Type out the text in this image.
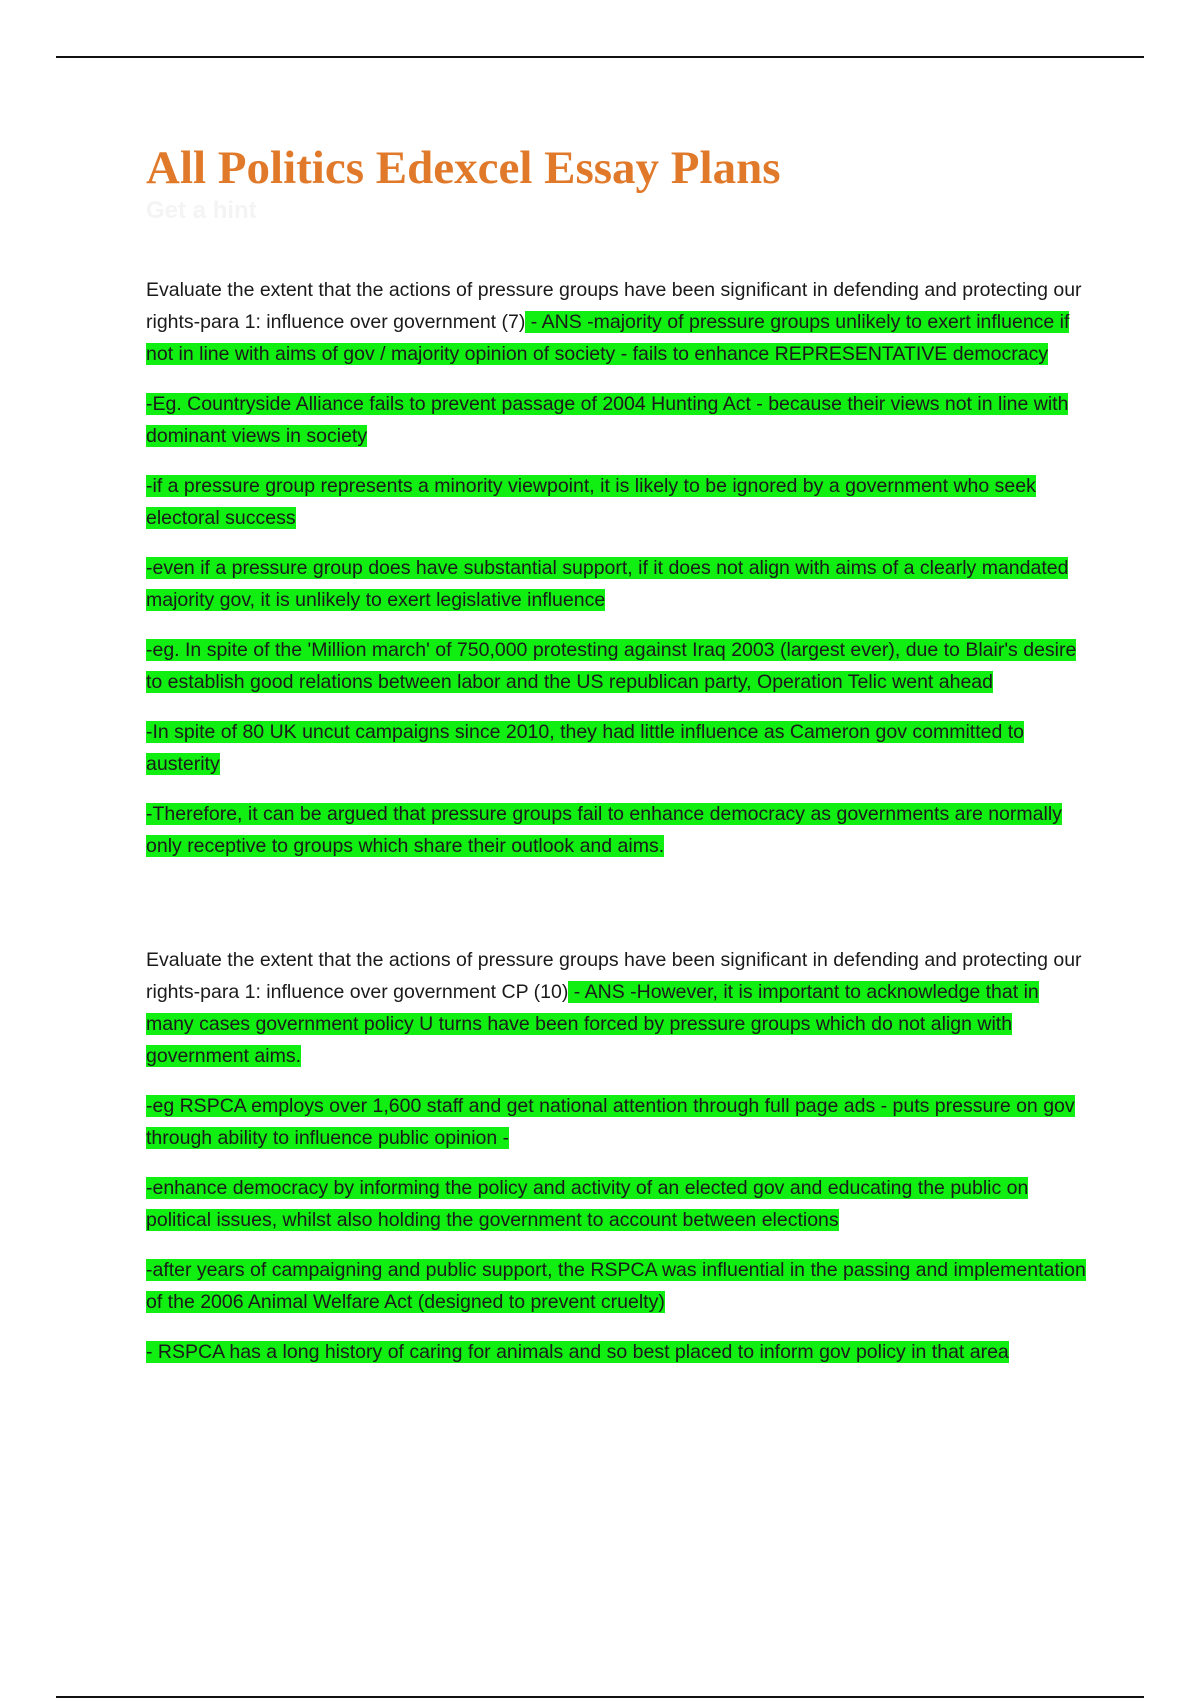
All Politics Edexcel Essay Plans
Get a hint

Evaluate the extent that the actions of pressure groups have been significant in defending and protecting our rights-para 1: influence over government (7) - ANS -majority of pressure groups unlikely to exert influence if not in line with aims of gov / majority opinion of society - fails to enhance REPRESENTATIVE democracy

-Eg. Countryside Alliance fails to prevent passage of 2004 Hunting Act - because their views not in line with dominant views in society

-if a pressure group represents a minority viewpoint, it is likely to be ignored by a government who seek electoral success

-even if a pressure group does have substantial support, if it does not align with aims of a clearly mandated majority gov, it is unlikely to exert legislative influence

-eg. In spite of the 'Million march' of 750,000 protesting against Iraq 2003 (largest ever), due to Blair's desire to establish good relations between labor and the US republican party, Operation Telic went ahead

-In spite of 80 UK uncut campaigns since 2010, they had little influence as Cameron gov committed to austerity

-Therefore, it can be argued that pressure groups fail to enhance democracy as governments are normally only receptive to groups which share their outlook and aims.

Evaluate the extent that the actions of pressure groups have been significant in defending and protecting our rights-para 1: influence over government CP (10) - ANS -However, it is important to acknowledge that in many cases government policy U turns have been forced by pressure groups which do not align with government aims.

-eg RSPCA employs over 1,600 staff and get national attention through full page ads - puts pressure on gov through ability to influence public opinion -

-enhance democracy by informing the policy and activity of an elected gov and educating the public on political issues, whilst also holding the government to account between elections

-after years of campaigning and public support, the RSPCA was influential in the passing and implementation of the 2006 Animal Welfare Act (designed to prevent cruelty)

- RSPCA has a long history of caring for animals and so best placed to inform gov policy in that area
